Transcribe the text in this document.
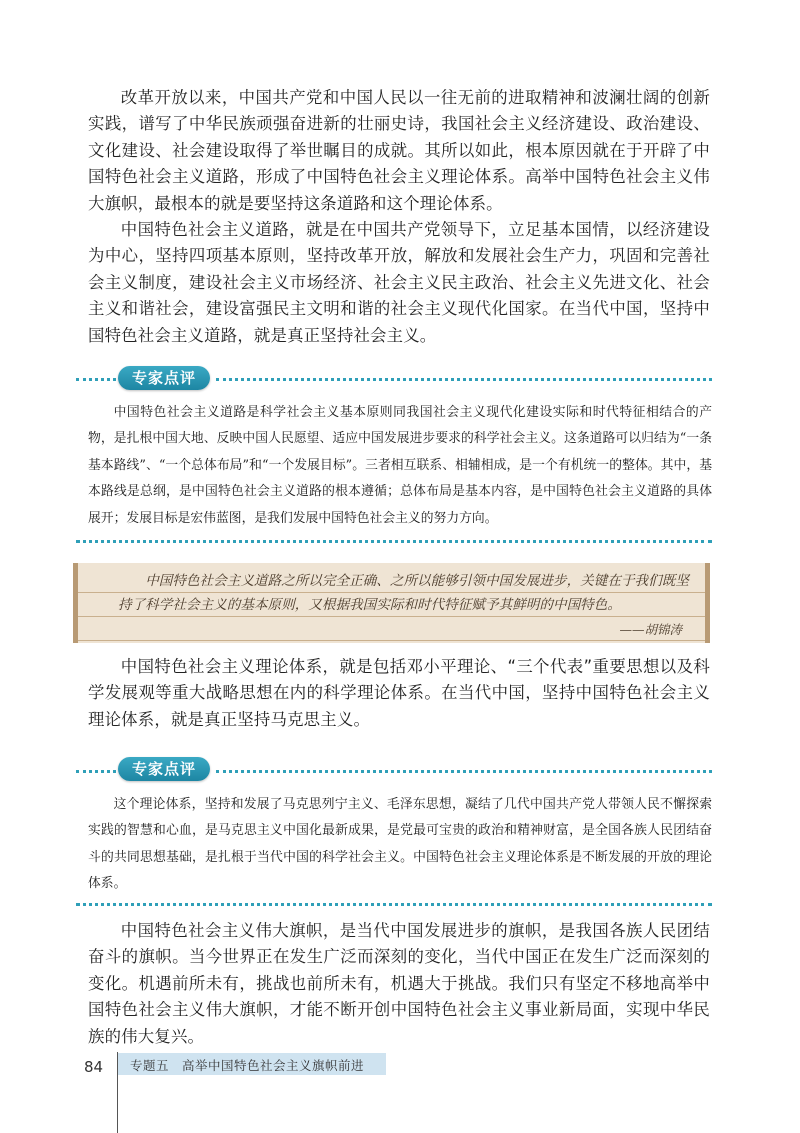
改革开放以来，中国共产党和中国人民以一往无前的进取精神和波澜壮阔的创新实践，谱写了中华民族顽强奋进新的壮丽史诗，我国社会主义经济建设、政治建设、文化建设、社会建设取得了举世瞩目的成就。其所以如此，根本原因就在于开辟了中国特色社会主义道路，形成了中国特色社会主义理论体系。高举中国特色社会主义伟大旗帜，最根本的就是要坚持这条道路和这个理论体系。

中国特色社会主义道路，就是在中国共产党领导下，立足基本国情，以经济建设为中心，坚持四项基本原则，坚持改革开放，解放和发展社会生产力，巩固和完善社会主义制度，建设社会主义市场经济、社会主义民主政治、社会主义先进文化、社会主义和谐社会，建设富强民主文明和谐的社会主义现代化国家。在当代中国，坚持中国特色社会主义道路，就是真正坚持社会主义。

专家点评

中国特色社会主义道路是科学社会主义基本原则同我国社会主义现代化建设实际和时代特征相结合的产物，是扎根中国大地、反映中国人民愿望、适应中国发展进步要求的科学社会主义。这条道路可以归结为“一条基本路线”、“一个总体布局”和“一个发展目标”。三者相互联系、相辅相成，是一个有机统一的整体。其中，基本路线是总纲，是中国特色社会主义道路的根本遵循；总体布局是基本内容，是中国特色社会主义道路的具体展开；发展目标是宏伟蓝图，是我们发展中国特色社会主义的努力方向。

中国特色社会主义道路之所以完全正确、之所以能够引领中国发展进步，关键在于我们既坚持了科学社会主义的基本原则，又根据我国实际和时代特征赋予其鲜明的中国特色。

——胡锦涛

中国特色社会主义理论体系，就是包括邓小平理论、“三个代表”重要思想以及科学发展观等重大战略思想在内的科学理论体系。在当代中国，坚持中国特色社会主义理论体系，就是真正坚持马克思主义。

专家点评

这个理论体系，坚持和发展了马克思列宁主义、毛泽东思想，凝结了几代中国共产党人带领人民不懈探索实践的智慧和心血，是马克思主义中国化最新成果，是党最可宝贵的政治和精神财富，是全国各族人民团结奋斗的共同思想基础，是扎根于当代中国的科学社会主义。中国特色社会主义理论体系是不断发展的开放的理论体系。

中国特色社会主义伟大旗帜，是当代中国发展进步的旗帜，是我国各族人民团结奋斗的旗帜。当今世界正在发生广泛而深刻的变化，当代中国正在发生广泛而深刻的变化。机遇前所未有，挑战也前所未有，机遇大于挑战。我们只有坚定不移地高举中国特色社会主义伟大旗帜，才能不断开创中国特色社会主义事业新局面，实现中华民族的伟大复兴。

84 专题五　高举中国特色社会主义旗帜前进
